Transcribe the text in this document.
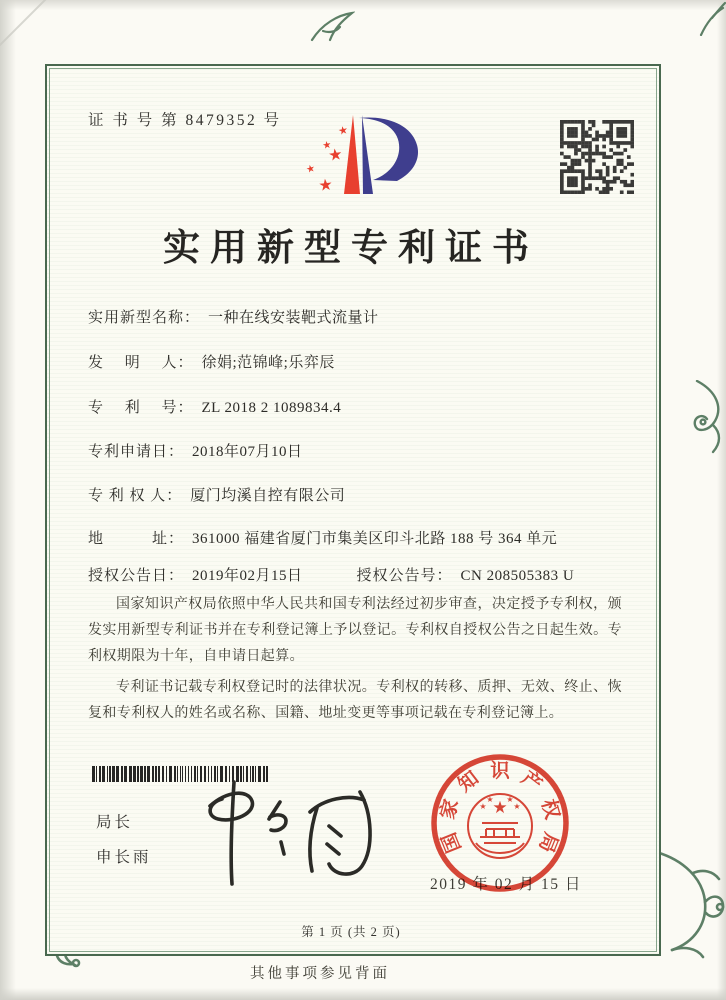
证 书 号 第 8479352 号
★
★
★
★
★
实用新型专利证书
实用新型名称： 一种在线安装靶式流量计
发　 明　 人： 徐娟;范锦峰;乐弈辰
专　 利　 号： ZL 2018 2 1089834.4
专利申请日： 2018年07月10日
专 利 权 人： 厦门均溪自控有限公司
地　　　址： 361000 福建省厦门市集美区印斗北路 188 号 364 单元
授权公告日： 2019年02月15日	授权公告号： CN 208505383 U

国家知识产权局依照中华人民共和国专利法经过初步审查，决定授予专利权，颁发实用新型专利证书并在专利登记簿上予以登记。专利权自授权公告之日起生效。专利权期限为十年，自申请日起算。

专利证书记载专利权登记时的法律状况。专利权的转移、质押、无效、终止、恢复和专利权人的姓名或名称、国籍、地址变更等事项记载在专利登记簿上。

局长
申长雨
2019 年 02 月 15 日
★
★
★ ★
★
国
家
知 识 产
权
局
第 1 页 (共 2 页)
其他事项参见背面
